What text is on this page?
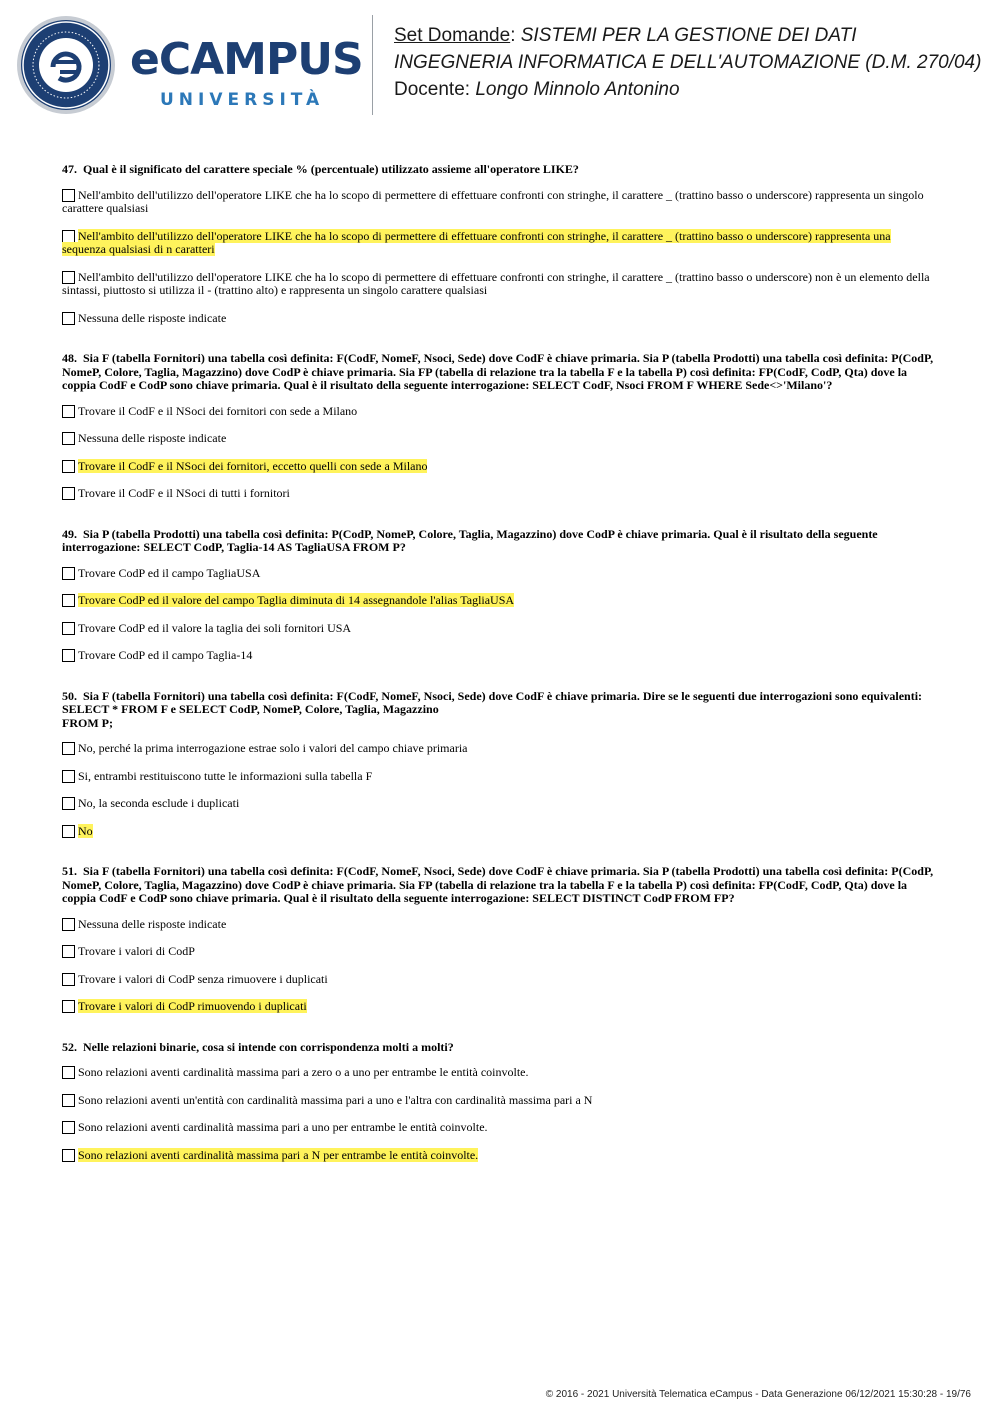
eCAMPUS
UNIVERSITÀ
Set Domande: SISTEMI PER LA GESTIONE DEI DATI
INGEGNERIA INFORMATICA E DELL'AUTOMAZIONE (D.M. 270/04)
Docente: Longo Minnolo Antonino

47. Qual è il significato del carattere speciale % (percentuale) utilizzato assieme all'operatore LIKE?

Nell'ambito dell'utilizzo dell'operatore LIKE che ha lo scopo di permettere di effettuare confronti con stringhe, il carattere _ (trattino basso o underscore) rappresenta un singolo carattere qualsiasi
Nell'ambito dell'utilizzo dell'operatore LIKE che ha lo scopo di permettere di effettuare confronti con stringhe, il carattere _ (trattino basso o underscore) rappresenta una sequenza qualsiasi di n caratteri
Nell'ambito dell'utilizzo dell'operatore LIKE che ha lo scopo di permettere di effettuare confronti con stringhe, il carattere _ (trattino basso o underscore) non è un elemento della sintassi, piuttosto si utilizza il - (trattino alto) e rappresenta un singolo carattere qualsiasi
Nessuna delle risposte indicate

48. Sia F (tabella Fornitori) una tabella così definita: F(CodF, NomeF, Nsoci, Sede) dove CodF è chiave primaria. Sia P (tabella Prodotti) una tabella così definita: P(CodP, NomeP, Colore, Taglia, Magazzino) dove CodP è chiave primaria. Sia FP (tabella di relazione tra la tabella F e la tabella P) così definita: FP(CodF, CodP, Qta) dove la coppia CodF e CodP sono chiave primaria. Qual è il risultato della seguente interrogazione: SELECT CodF, Nsoci FROM F WHERE Sede<>'Milano'?

Trovare il CodF e il NSoci dei fornitori con sede a Milano
Nessuna delle risposte indicate
Trovare il CodF e il NSoci dei fornitori, eccetto quelli con sede a Milano
Trovare il CodF e il NSoci di tutti i fornitori

49. Sia P (tabella Prodotti) una tabella così definita: P(CodP, NomeP, Colore, Taglia, Magazzino) dove CodP è chiave primaria. Qual è il risultato della seguente interrogazione: SELECT CodP, Taglia-14 AS TagliaUSA FROM P?

Trovare CodP ed il campo TagliaUSA
Trovare CodP ed il valore del campo Taglia diminuta di 14 assegnandole l'alias TagliaUSA
Trovare CodP ed il valore la taglia dei soli fornitori USA
Trovare CodP ed il campo Taglia-14

50. Sia F (tabella Fornitori) una tabella così definita: F(CodF, NomeF, Nsoci, Sede) dove CodF è chiave primaria. Dire se le seguenti due interrogazioni sono equivalenti: SELECT * FROM F e SELECT CodP, NomeP, Colore, Taglia, Magazzino
FROM P;

No, perché la prima interrogazione estrae solo i valori del campo chiave primaria
Si, entrambi restituiscono tutte le informazioni sulla tabella F
No, la seconda esclude i duplicati
No

51. Sia F (tabella Fornitori) una tabella così definita: F(CodF, NomeF, Nsoci, Sede) dove CodF è chiave primaria. Sia P (tabella Prodotti) una tabella così definita: P(CodP, NomeP, Colore, Taglia, Magazzino) dove CodP è chiave primaria. Sia FP (tabella di relazione tra la tabella F e la tabella P) così definita: FP(CodF, CodP, Qta) dove la coppia CodF e CodP sono chiave primaria. Qual è il risultato della seguente interrogazione: SELECT DISTINCT CodP FROM FP?

Nessuna delle risposte indicate
Trovare i valori di CodP
Trovare i valori di CodP senza rimuovere i duplicati
Trovare i valori di CodP rimuovendo i duplicati

52. Nelle relazioni binarie, cosa si intende con corrispondenza molti a molti?

Sono relazioni aventi cardinalità massima pari a zero o a uno per entrambe le entità coinvolte.
Sono relazioni aventi un'entità con cardinalità massima pari a uno e l'altra con cardinalità massima pari a N
Sono relazioni aventi cardinalità massima pari a uno per entrambe le entità coinvolte.
Sono relazioni aventi cardinalità massima pari a N per entrambe le entità coinvolte.
© 2016 - 2021 Università Telematica eCampus - Data Generazione 06/12/2021 15:30:28 - 19/76
